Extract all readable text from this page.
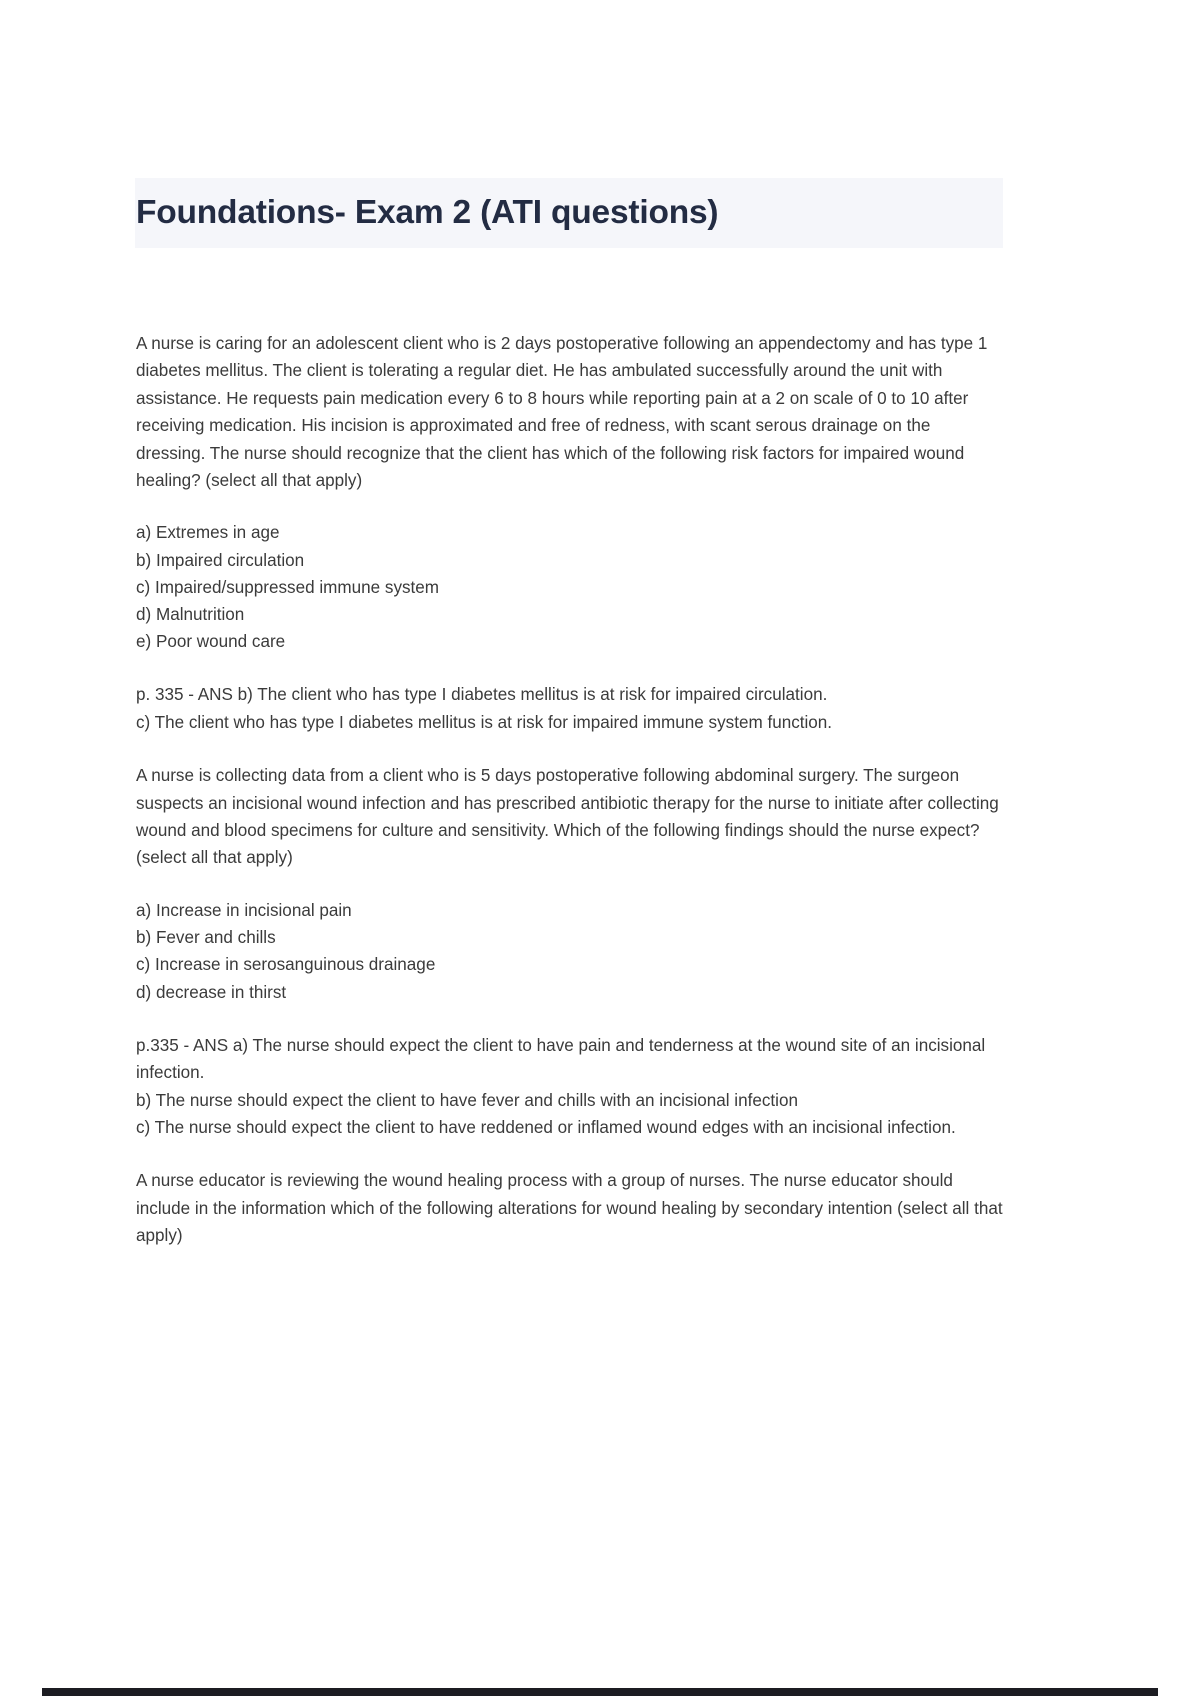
Foundations- Exam 2 (ATI questions)

A nurse is caring for an adolescent client who is 2 days postoperative following an appendectomy and has type 1 diabetes mellitus. The client is tolerating a regular diet. He has ambulated successfully around the unit with assistance. He requests pain medication every 6 to 8 hours while reporting pain at a 2 on scale of 0 to 10 after receiving medication. His incision is approximated and free of redness, with scant serous drainage on the dressing. The nurse should recognize that the client has which of the following risk factors for impaired wound healing? (select all that apply)

a) Extremes in age
b) Impaired circulation
c) Impaired/suppressed immune system
d) Malnutrition
e) Poor wound care

p. 335 - ANS b) The client who has type I diabetes mellitus is at risk for impaired circulation.
c) The client who has type I diabetes mellitus is at risk for impaired immune system function.

A nurse is collecting data from a client who is 5 days postoperative following abdominal surgery. The surgeon suspects an incisional wound infection and has prescribed antibiotic therapy for the nurse to initiate after collecting wound and blood specimens for culture and sensitivity. Which of the following findings should the nurse expect? (select all that apply)

a) Increase in incisional pain
b) Fever and chills
c) Increase in serosanguinous drainage
d) decrease in thirst

p.335 - ANS a) The nurse should expect the client to have pain and tenderness at the wound site of an incisional infection.
b) The nurse should expect the client to have fever and chills with an incisional infection
c) The nurse should expect the client to have reddened or inflamed wound edges with an incisional infection.

A nurse educator is reviewing the wound healing process with a group of nurses. The nurse educator should include in the information which of the following alterations for wound healing by secondary intention (select all that apply)
